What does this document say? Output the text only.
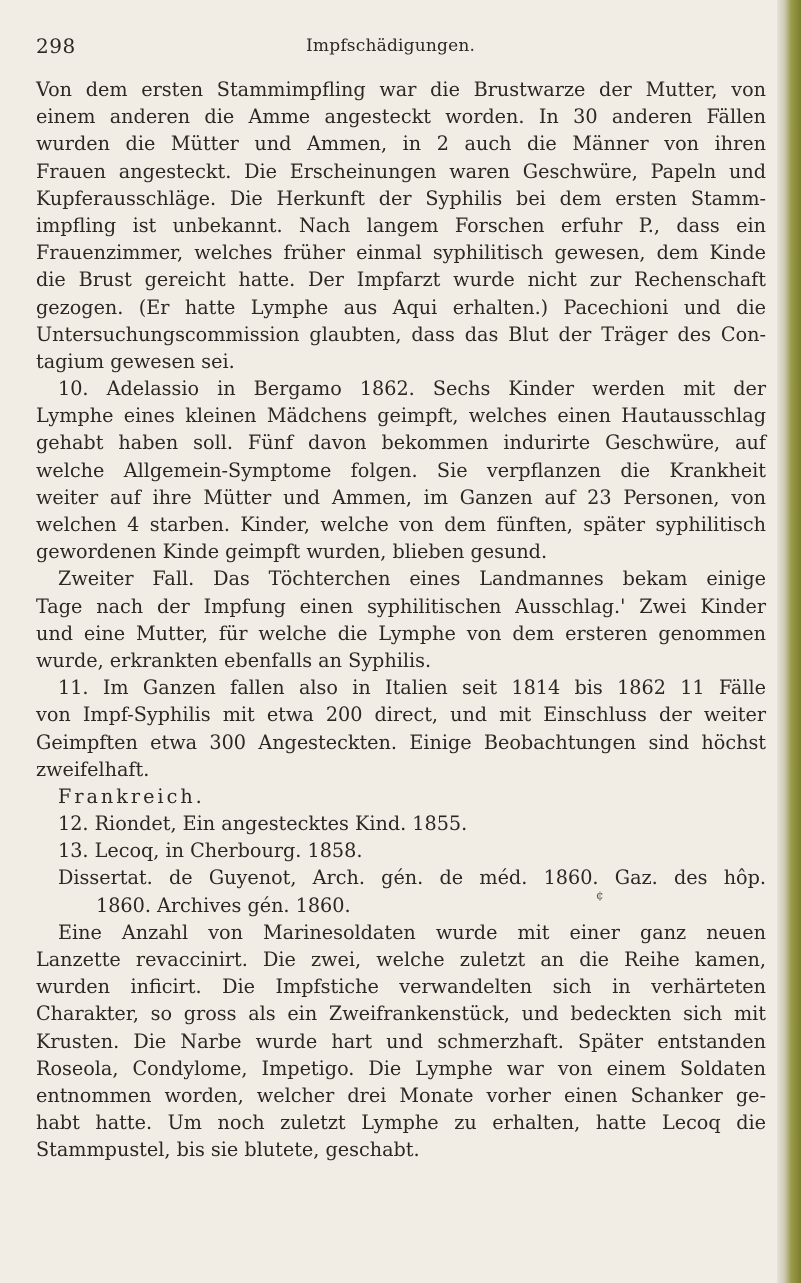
298	Impfschädigungen.
Von dem ersten Stammimpfling war die Brustwarze der Mutter, von
einem anderen die Amme angesteckt worden. In 30 anderen Fällen
wurden die Mütter und Ammen, in 2 auch die Männer von ihren
Frauen angesteckt. Die Erscheinungen waren Geschwüre, Papeln und
Kupferausschläge. Die Herkunft der Syphilis bei dem ersten Stamm-
impfling ist unbekannt. Nach langem Forschen erfuhr P., dass ein
Frauenzimmer, welches früher einmal syphilitisch gewesen, dem Kinde
die Brust gereicht hatte. Der Impfarzt wurde nicht zur Rechenschaft
gezogen. (Er hatte Lymphe aus Aqui erhalten.) Pacechioni und die
Untersuchungscommission glaubten, dass das Blut der Träger des Con-
tagium gewesen sei.
10. Adelassio in Bergamo 1862. Sechs Kinder werden mit der
Lymphe eines kleinen Mädchens geimpft, welches einen Hautausschlag
gehabt haben soll. Fünf davon bekommen indurirte Geschwüre, auf
welche Allgemein-Symptome folgen. Sie verpflanzen die Krankheit
weiter auf ihre Mütter und Ammen, im Ganzen auf 23 Personen, von
welchen 4 starben. Kinder, welche von dem fünften, später syphilitisch
gewordenen Kinde geimpft wurden, blieben gesund.
Zweiter Fall. Das Töchterchen eines Landmannes bekam einige
Tage nach der Impfung einen syphilitischen Ausschlag.' Zwei Kinder
und eine Mutter, für welche die Lymphe von dem ersteren genommen
wurde, erkrankten ebenfalls an Syphilis.
11. Im Ganzen fallen also in Italien seit 1814 bis 1862 11 Fälle
von Impf-Syphilis mit etwa 200 direct, und mit Einschluss der weiter
Geimpften etwa 300 Angesteckten. Einige Beobachtungen sind höchst
zweifelhaft.
Frankreich.
12. Riondet, Ein angestecktes Kind. 1855.
13. Lecoq, in Cherbourg. 1858.
Dissertat. de Guyenot, Arch. gén. de méd. 1860. Gaz. des hôp.
1860. Archives gén. 1860.
Eine Anzahl von Marinesoldaten wurde mit einer ganz neuen
Lanzette revaccinirt. Die zwei, welche zuletzt an die Reihe kamen,
wurden inficirt. Die Impfstiche verwandelten sich in verhärteten
Charakter, so gross als ein Zweifrankenstück, und bedeckten sich mit
Krusten. Die Narbe wurde hart und schmerzhaft. Später entstanden
Roseola, Condylome, Impetigo. Die Lymphe war von einem Soldaten
entnommen worden, welcher drei Monate vorher einen Schanker ge-
habt hatte. Um noch zuletzt Lymphe zu erhalten, hatte Lecoq die
Stammpustel, bis sie blutete, geschabt.
¢
